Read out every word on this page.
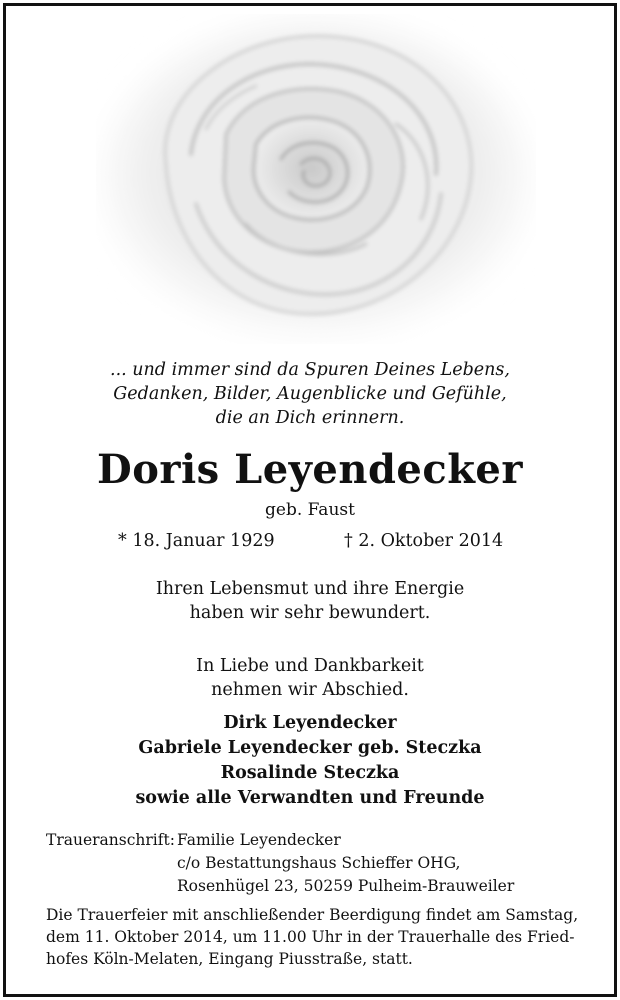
... und immer sind da Spuren Deines Lebens,
Gedanken, Bilder, Augenblicke und Gefühle,
die an Dich erinnern.
Doris Leyendecker
geb. Faust
* 18. Januar 1929	† 2. Oktober 2014
Ihren Lebensmut und ihre Energie
haben wir sehr bewundert.
In Liebe und Dankbarkeit
nehmen wir Abschied.
Dirk Leyendecker
Gabriele Leyendecker geb. Steczka
Rosalinde Steczka
sowie alle Verwandten und Freunde
Traueranschrift: Familie Leyendecker
c/o Bestattungshaus Schieffer OHG,
Rosenhügel 23, 50259 Pulheim-Brauweiler
Die Trauerfeier mit anschließender Beerdigung findet am Samstag,
dem 11. Oktober 2014, um 11.00 Uhr in der Trauerhalle des Fried-
hofes Köln-Melaten, Eingang Piusstraße, statt.
